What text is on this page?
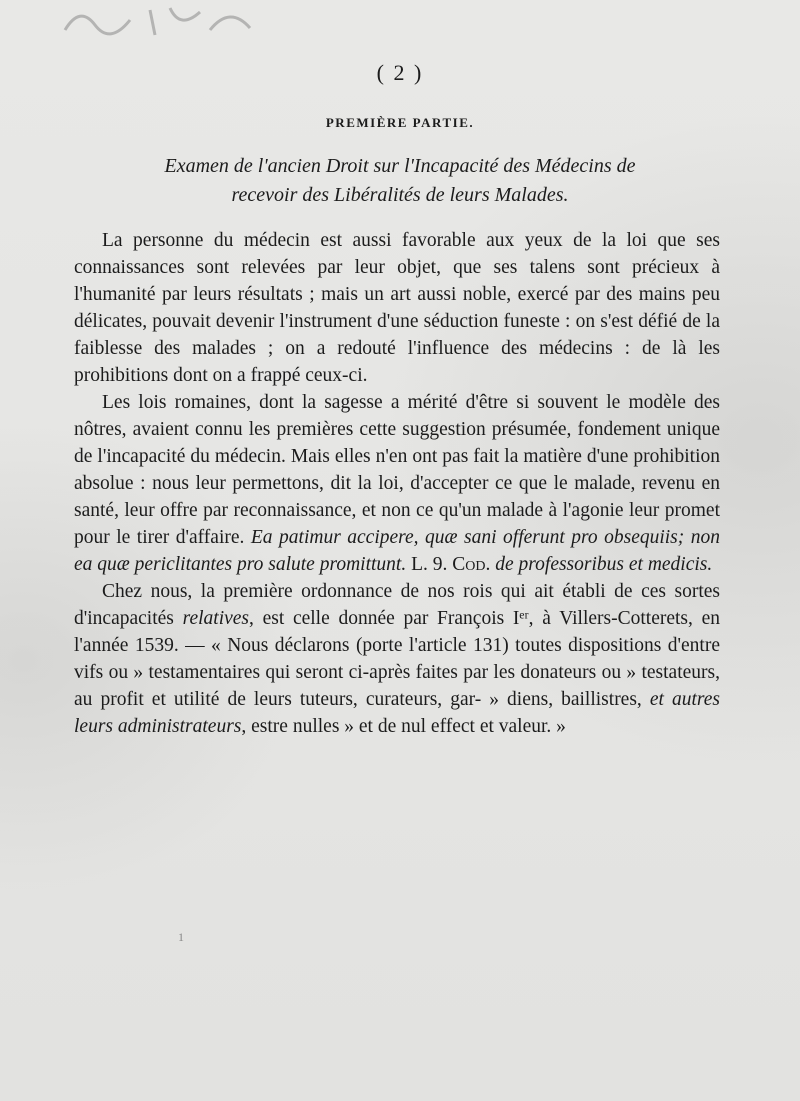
( 2 )
PREMIÈRE PARTIE.
Examen de l'ancien Droit sur l'Incapacité des Médecins de
recevoir des Libéralités de leurs Malades.

La personne du médecin est aussi favorable aux yeux de la loi que ses connaissances sont relevées par leur objet, que ses talens sont précieux à l'humanité par leurs résultats ; mais un art aussi noble, exercé par des mains peu délicates, pouvait devenir l'instrument d'une séduction funeste : on s'est défié de la faiblesse des malades ; on a redouté l'influence des médecins : de là les prohibitions dont on a frappé ceux-ci.

Les lois romaines, dont la sagesse a mérité d'être si souvent le modèle des nôtres, avaient connu les premières cette suggestion présumée, fondement unique de l'incapacité du médecin. Mais elles n'en ont pas fait la matière d'une prohibition absolue : nous leur permettons, dit la loi, d'accepter ce que le malade, revenu en santé, leur offre par reconnaissance, et non ce qu'un malade à l'agonie leur promet pour le tirer d'affaire. Ea patimur accipere, quæ sani offerunt pro obsequiis; non ea quæ periclitantes pro salute promittunt. L. 9. Cod. de professoribus et medicis.

Chez nous, la première ordonnance de nos rois qui ait établi de ces sortes d'incapacités relatives, est celle donnée par François Iᵉʳ, à Villers-Cotterets, en l'année 1539. — « Nous déclarons (porte l'article 131) toutes dispositions d'entre vifs ou » testamentaires qui seront ci-après faites par les donateurs ou » testateurs, au profit et utilité de leurs tuteurs, curateurs, gar- » diens, baillistres, et autres leurs administrateurs, estre nulles » et de nul effect et valeur. »

1
